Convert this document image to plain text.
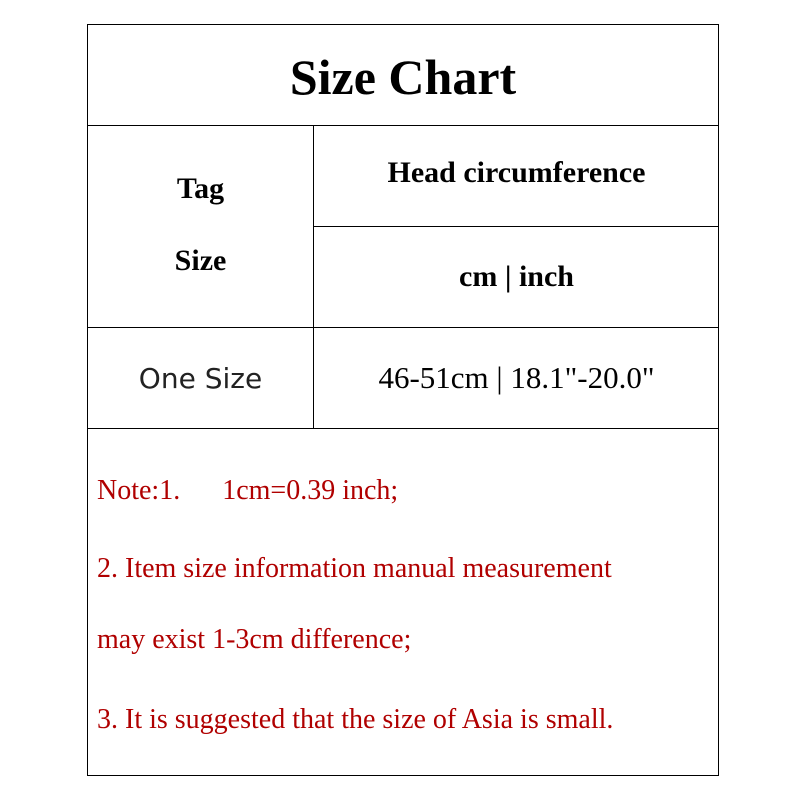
Size Chart
Tag
Size
Head circumference
cm | inch
One Size	46-51cm | 18.1"-20.0"
Note:1. 1cm=0.39 inch;
2. Item size information manual measurement
may exist 1-3cm difference;
3. It is suggested that the size of Asia is small.
